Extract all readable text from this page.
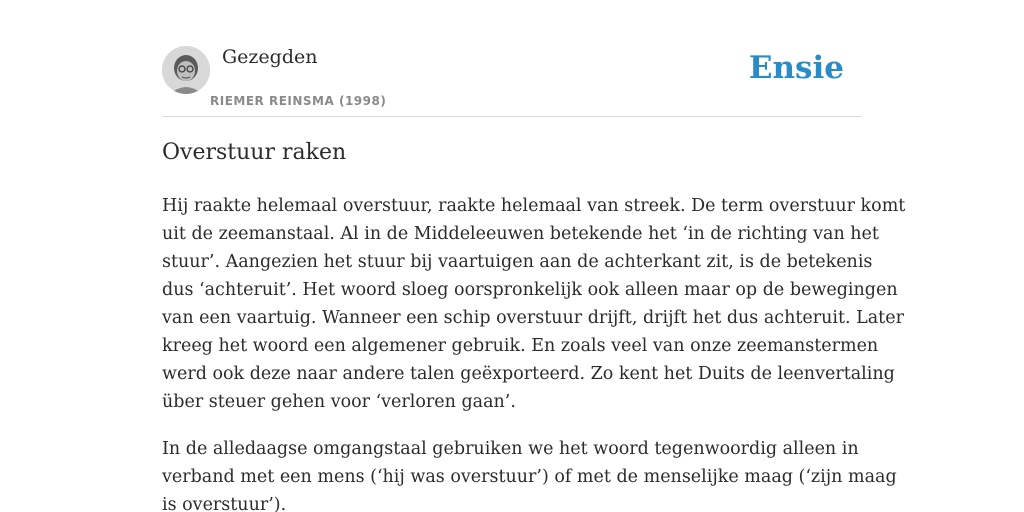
Gezegden
RIEMER REINSMA (1998)
Ensie
Overstuur raken

Hij raakte helemaal overstuur, raakte helemaal van streek. De term overstuur komt
uit de zeemanstaal. Al in de Middeleeuwen betekende het ‘in de richting van het
stuur’. Aangezien het stuur bij vaartuigen aan de achterkant zit, is de betekenis
dus ‘achteruit’. Het woord sloeg oorspronkelijk ook alleen maar op de bewegingen
van een vaartuig. Wanneer een schip overstuur drijft, drijft het dus achteruit. Later
kreeg het woord een algemener gebruik. En zoals veel van onze zeemanstermen
werd ook deze naar andere talen geëxporteerd. Zo kent het Duits de leenvertaling
über steuer gehen voor ‘verloren gaan’.

In de alledaagse omgangstaal gebruiken we het woord tegenwoordig alleen in
verband met een mens (‘hij was overstuur’) of met de menselijke maag (‘zijn maag
is overstuur’).
